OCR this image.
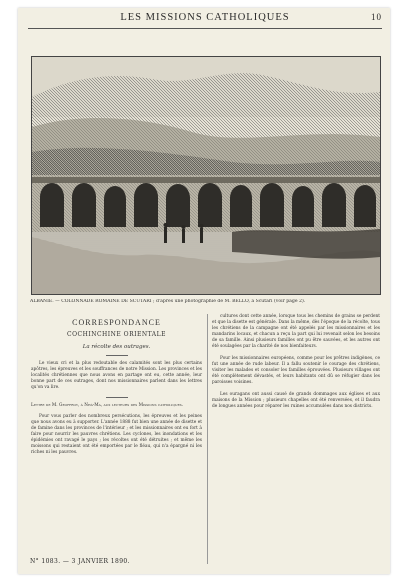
LES MISSIONS CATHOLIQUES	10
ALBANIE. — COLONNADE ROMAINE DE SCUTARI ; d'après une photographie de M. BELLO, à Scutari (voir page 2).
CORRESPONDANCE
COCHINCHINE ORIENTALE
La récolte des outrages.

Le vieux cri et la plus redoutable des calamités sont les plus certains apôtres, les épreuves et les souffrances de notre Mission. Les provinces et les localités chrétiennes que nous avons en partage ont eu, cette année, leur bonne part de ces outrages, dont nos missionnaires parlent dans les lettres qu'on va lire.

Lettre de M. Geoffroy, à Nhà-Ma, aux lecteurs des Missions catholiques.

Pour vous parler des nombreux persécutions, les épreuves et les peines que nous avons eu à supporter. L'année 1888 fut bien une année de disette et de famine dans les provinces de l'intérieur ; et les missionnaires ont eu fort à faire pour nourrir les pauvres chrétiens. Les cyclones, les inondations et les épidémies ont ravagé le pays ; les récoltes ont été détruites ; et même les moissons qui restaient ont été emportées par le fléau, qui n'a épargné ni les riches ni les pauvres.

cultures dont cette année, lorsque tous les chemins de grains se perdent et que la disette est générale. Dans la même, dès l'époque de la récolte, tous les chrétiens de la campagne ont été appelés par les missionnaires et les mandarins locaux, et chacun a reçu la part qui lui revenait selon les besoins de sa famille. Ainsi plusieurs familles ont pu être sauvées, et les autres ont été soulagées par la charité de nos bienfaiteurs.

Pour les missionnaires européens, comme pour les prêtres indigènes, ce fut une année de rude labeur. Il a fallu soutenir le courage des chrétiens, visiter les malades et consoler les familles éprouvées. Plusieurs villages ont été complètement dévastés, et leurs habitants ont dû se réfugier dans les paroisses voisines.

Les ouragans ont aussi causé de grands dommages aux églises et aux maisons de la Mission ; plusieurs chapelles ont été renversées, et il faudra de longues années pour réparer les ruines accumulées dans nos districts.

N° 1083. — 3 JANVIER 1890.
